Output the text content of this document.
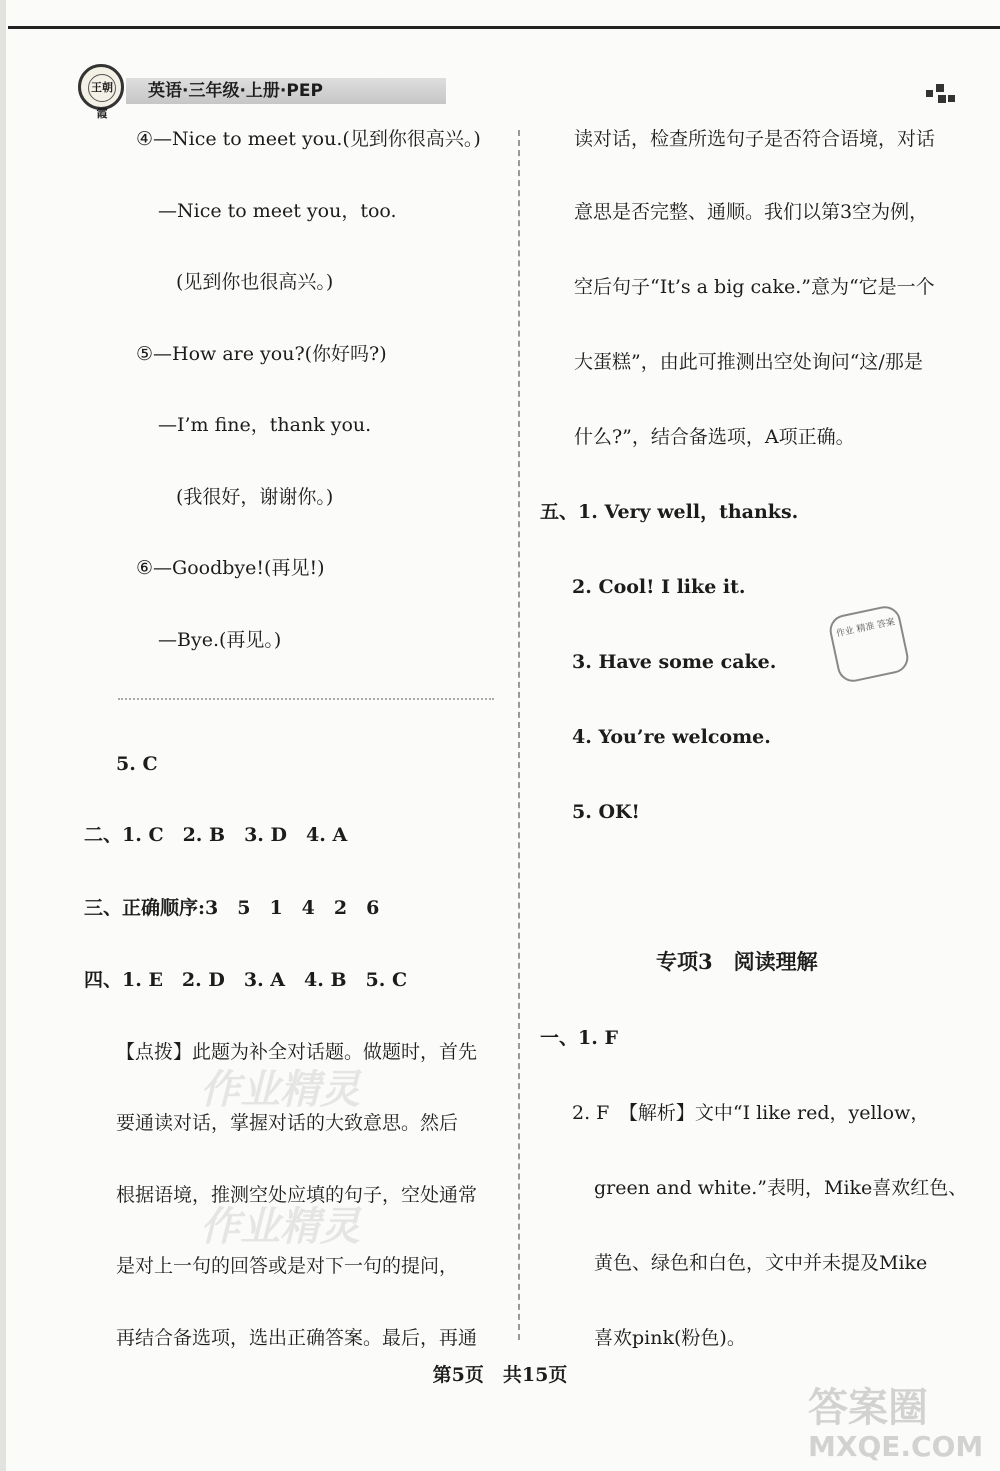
王朝霞
英语·三年级·上册·PEP
④—Nice to meet you.(见到你很高兴。)
—Nice to meet you，too.
(见到你也很高兴。)
⑤—How are you?(你好吗?)
—I’m fine，thank you.
(我很好，谢谢你。)
⑥—Goodbye!(再见!)
—Bye.(再见。)
5. C
二、1. C　2. B　3. D　4. A
三、正确顺序:3　5　1　4　2　6
四、1. E　2. D　3. A　4. B　5. C
【点拨】此题为补全对话题。做题时，首先
要通读对话，掌握对话的大致意思。然后
根据语境，推测空处应填的句子，空处通常
是对上一句的回答或是对下一句的提问，
再结合备选项，选出正确答案。最后，再通
读对话，检查所选句子是否符合语境，对话
意思是否完整、通顺。我们以第3空为例，
空后句子“It’s a big cake.”意为“它是一个
大蛋糕”，由此可推测出空处询问“这/那是
什么?”，结合备选项，A项正确。
五、1. Very well，thanks.
2. Cool! I like it.
3. Have some cake.
4. You’re welcome.
5. OK!
专项3　阅读理解
一、1. F
2. F　【解析】文中“I like red，yellow，
green and white.”表明，Mike喜欢红色、
黄色、绿色和白色，文中并未提及Mike
喜欢pink(粉色)。
作业 精准 答案
作业精灵
作业精灵
第5页　共15页
答案圈
MXQE.COM
